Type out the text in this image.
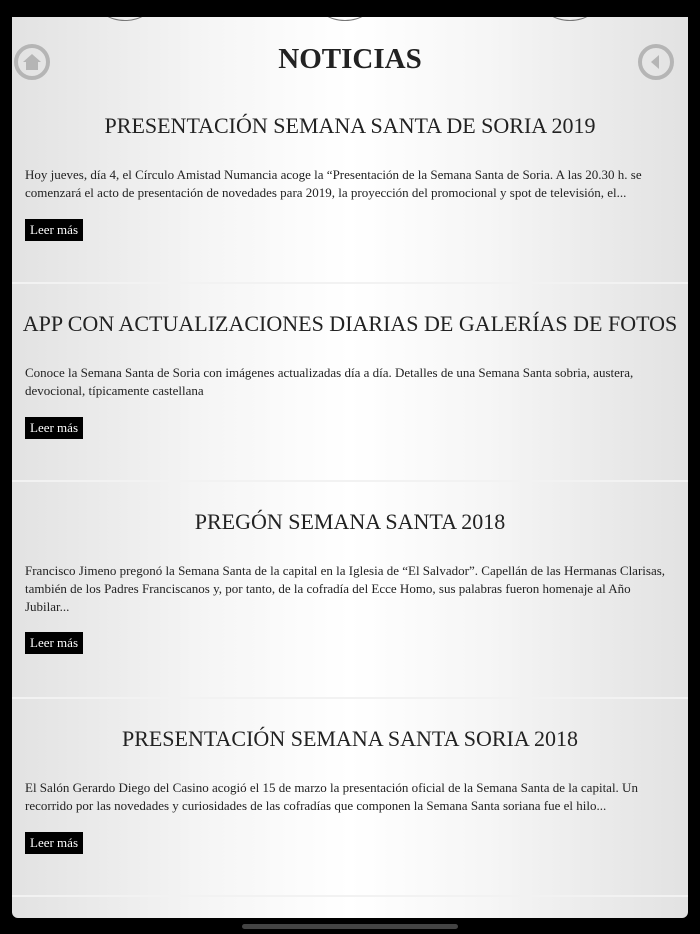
NOTICIAS
PRESENTACIÓN SEMANA SANTA DE SORIA 2019

Hoy jueves, día 4, el Círculo Amistad Numancia acoge la “Presentación de la Semana Santa de Soria. A las 20.30 h. se comenzará el acto de presentación de novedades para 2019, la proyección del promocional y spot de televisión, el...

Leer más
APP CON ACTUALIZACIONES DIARIAS DE GALERÍAS DE FOTOS

Conoce la Semana Santa de Soria con imágenes actualizadas día a día. Detalles de una Semana Santa sobria, austera, devocional, típicamente castellana

Leer más
PREGÓN SEMANA SANTA 2018

Francisco Jimeno pregonó la Semana Santa de la capital en la Iglesia de “El Salvador”. Capellán de las Hermanas Clarisas, también de los Padres Franciscanos y, por tanto, de la cofradía del Ecce Homo, sus palabras fueron homenaje al Año Jubilar...

Leer más
PRESENTACIÓN SEMANA SANTA SORIA 2018

El Salón Gerardo Diego del Casino acogió el 15 de marzo la presentación oficial de la Semana Santa de la capital. Un recorrido por las novedades y curiosidades de las cofradías que componen la Semana Santa soriana fue el hilo...

Leer más
